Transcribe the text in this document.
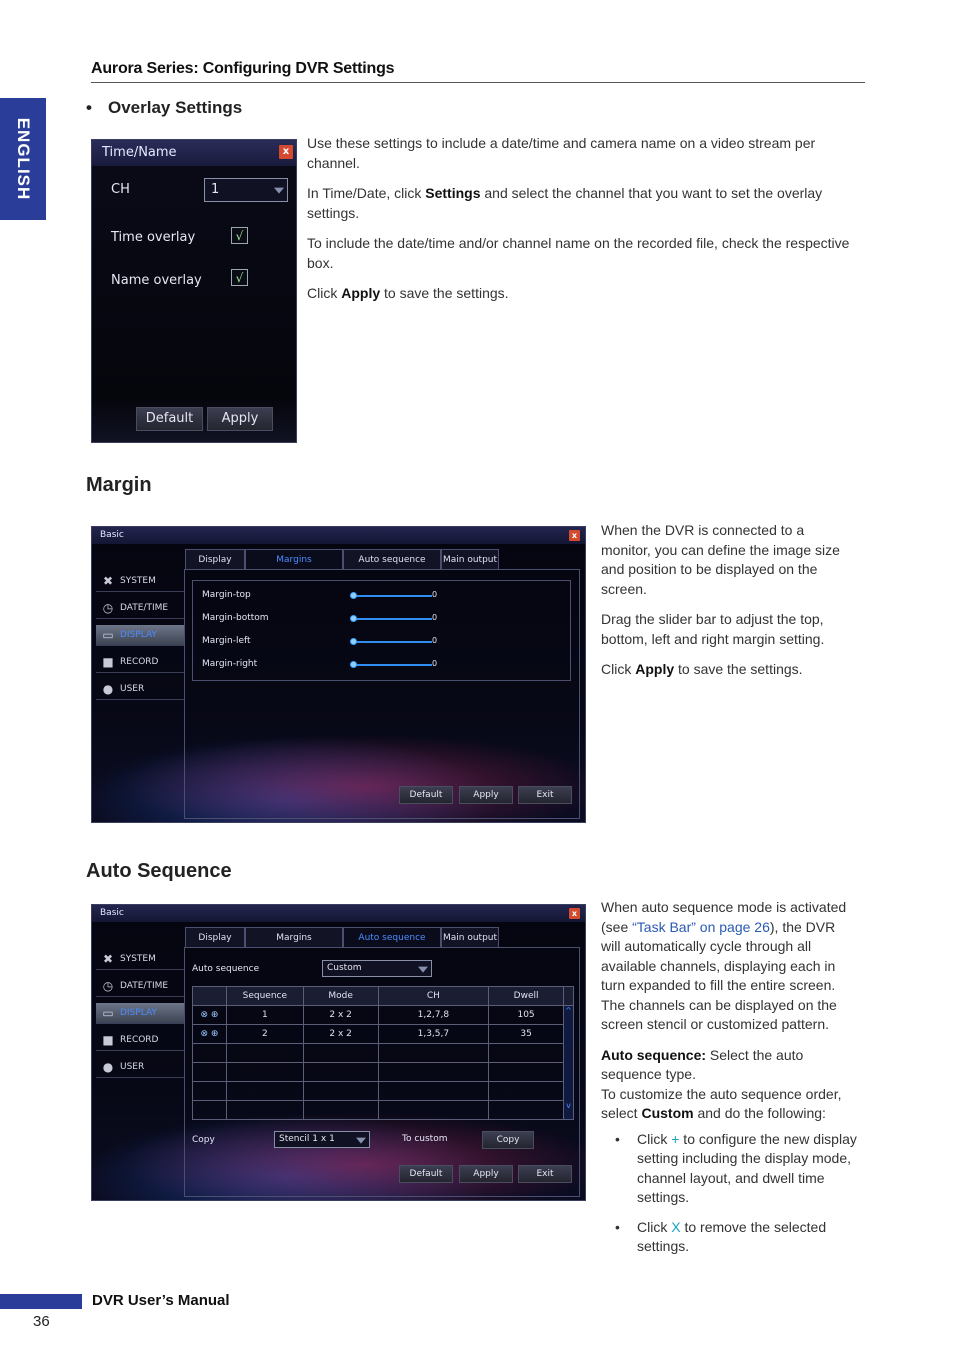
Aurora Series: Configuring DVR Settings
ENGLISH
• Overlay Settings
Time/Name	x
CH	1
Time overlay	√
Name overlay	√
Default	Apply

Use these settings to include a date/time and camera name on a video stream per channel.

In Time/Date, click Settings and select the channel that you want to set the overlay settings.

To include the date/time and/or channel name on the recorded file, check the respective box.

Click Apply to save the settings.

Margin
Basic	x
✖ SYSTEM
◷ DATE/TIME
▭ DISPLAY
■ RECORD
● USER
Display	Margins	Auto sequence	Main output
Margin-top	0
Margin-bottom	0
Margin-left	0
Margin-right	0
Default	Apply	Exit

When the DVR is connected to a monitor, you can define the image size and position to be displayed on the screen.

Drag the slider bar to adjust the top, bottom, left and right margin setting.

Click Apply to save the settings.

Auto Sequence
Basic	x
✖ SYSTEM
◷ DATE/TIME
▭ DISPLAY
■ RECORD
● USER
Display	Margins	Auto sequence	Main output
Auto sequence	Custom
	Sequence	Mode	CH	Dwell	
⊗ ⊕	1	2 x 2	1,2,7,8	105	^
v

⊗ ⊕	2	2 x 2	1,3,5,7	35	

Copy	Stencil 1 x 1	To custom	Copy
Default	Apply	Exit

When auto sequence mode is activated (see “Task Bar” on page 26), the DVR will automatically cycle through all available channels, displaying each in turn expanded to fill the entire screen. The channels can be displayed on the screen stencil or customized pattern.

Auto sequence: Select the auto sequence type.

To customize the auto sequence order, select Custom and do the following:

• Click + to configure the new display setting including the display mode, channel layout, and dwell time settings.
• Click X to remove the selected settings.
DVR User’s Manual
36
